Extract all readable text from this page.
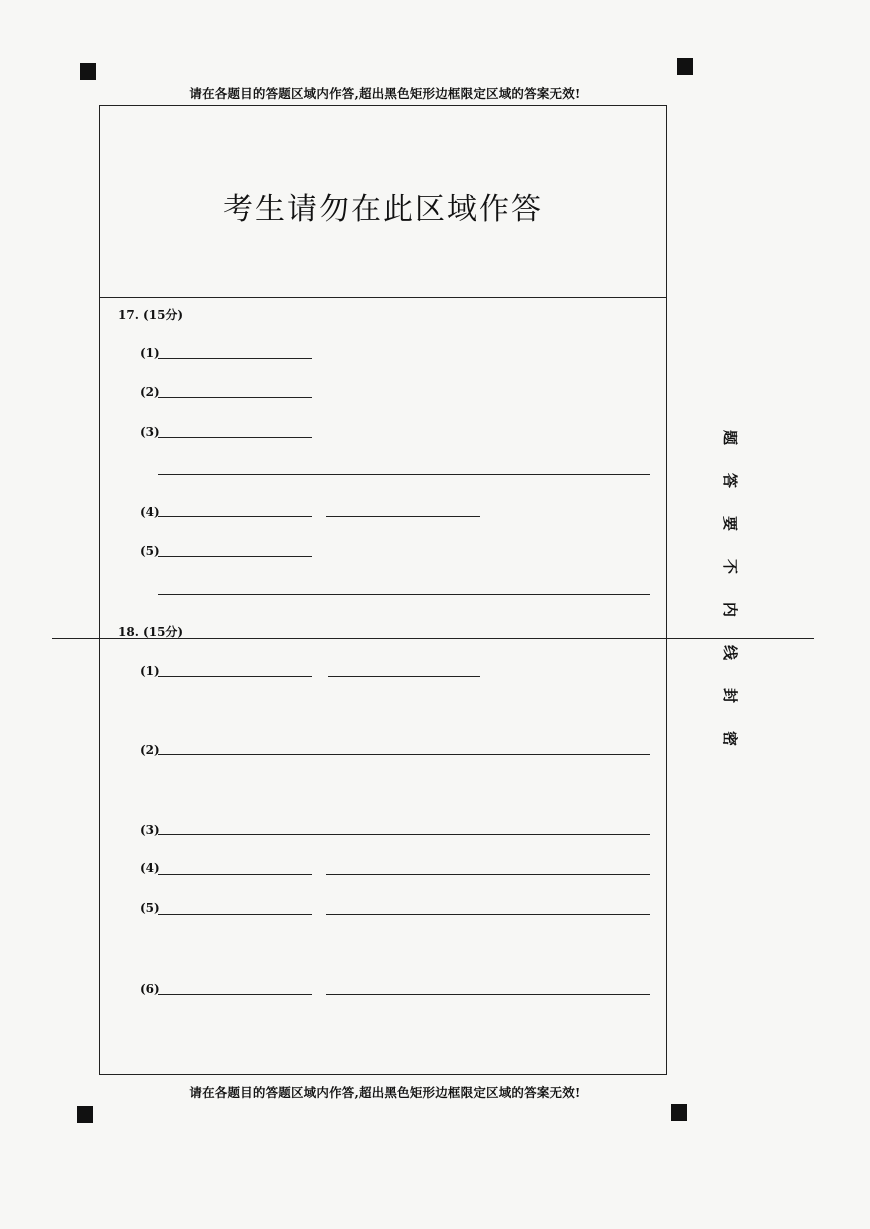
请在各题目的答题区域内作答,超出黑色矩形边框限定区域的答案无效!
请在各题目的答题区域内作答,超出黑色矩形边框限定区域的答案无效!
考生请勿在此区域作答
17. (15分)
(1)
(2)
(3)
(4)
(5)
18. (15分)
(1)
(2)
(3)
(4)
(5)
(6)
题
答
要
不
内
线
封
密
